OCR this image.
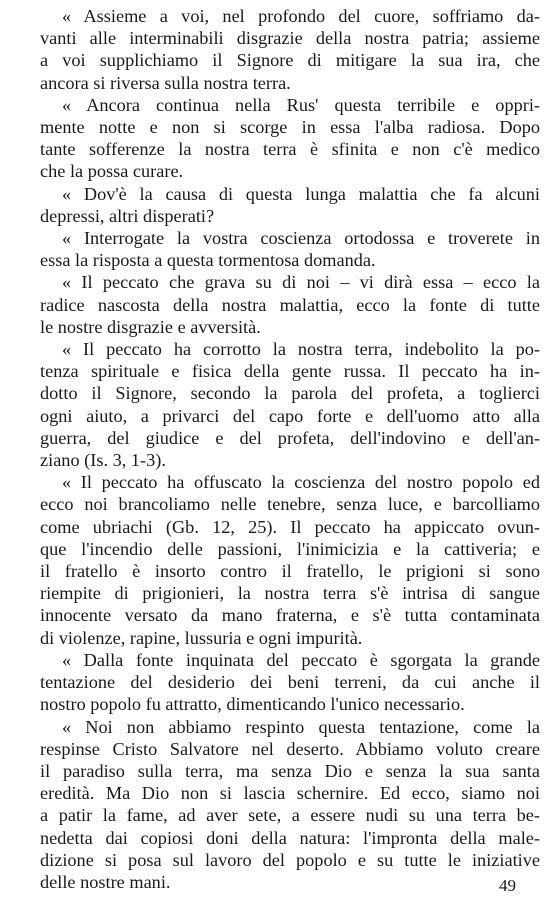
« Assieme a voi, nel profondo del cuore, soffriamo da-
vanti alle interminabili disgrazie della nostra patria; assieme
a voi supplichiamo il Signore di mitigare la sua ira, che
ancora si riversa sulla nostra terra.
« Ancora continua nella Rus' questa terribile e oppri-
mente notte e non si scorge in essa l'alba radiosa. Dopo
tante sofferenze la nostra terra è sfinita e non c'è medico
che la possa curare.
« Dov'è la causa di questa lunga malattia che fa alcuni
depressi, altri disperati?
« Interrogate la vostra coscienza ortodossa e troverete in
essa la risposta a questa tormentosa domanda.
« Il peccato che grava su di noi – vi dirà essa – ecco la
radice nascosta della nostra malattia, ecco la fonte di tutte
le nostre disgrazie e avversità.
« Il peccato ha corrotto la nostra terra, indebolito la po-
tenza spirituale e fisica della gente russa. Il peccato ha in-
dotto il Signore, secondo la parola del profeta, a toglierci
ogni aiuto, a privarci del capo forte e dell'uomo atto alla
guerra, del giudice e del profeta, dell'indovino e dell'an-
ziano (Is. 3, 1-3).
« Il peccato ha offuscato la coscienza del nostro popolo ed
ecco noi brancoliamo nelle tenebre, senza luce, e barcolliamo
come ubriachi (Gb. 12, 25). Il peccato ha appiccato ovun-
que l'incendio delle passioni, l'inimicizia e la cattiveria; e
il fratello è insorto contro il fratello, le prigioni si sono
riempite di prigionieri, la nostra terra s'è intrisa di sangue
innocente versato da mano fraterna, e s'è tutta contaminata
di violenze, rapine, lussuria e ogni impurità.
« Dalla fonte inquinata del peccato è sgorgata la grande
tentazione del desiderio dei beni terreni, da cui anche il
nostro popolo fu attratto, dimenticando l'unico necessario.
« Noi non abbiamo respinto questa tentazione, come la
respinse Cristo Salvatore nel deserto. Abbiamo voluto creare
il paradiso sulla terra, ma senza Dio e senza la sua santa
eredità. Ma Dio non si lascia schernire. Ed ecco, siamo noi
a patir la fame, ad aver sete, a essere nudi su una terra be-
nedetta dai copiosi doni della natura: l'impronta della male-
dizione si posa sul lavoro del popolo e su tutte le iniziative
delle nostre mani.	49
